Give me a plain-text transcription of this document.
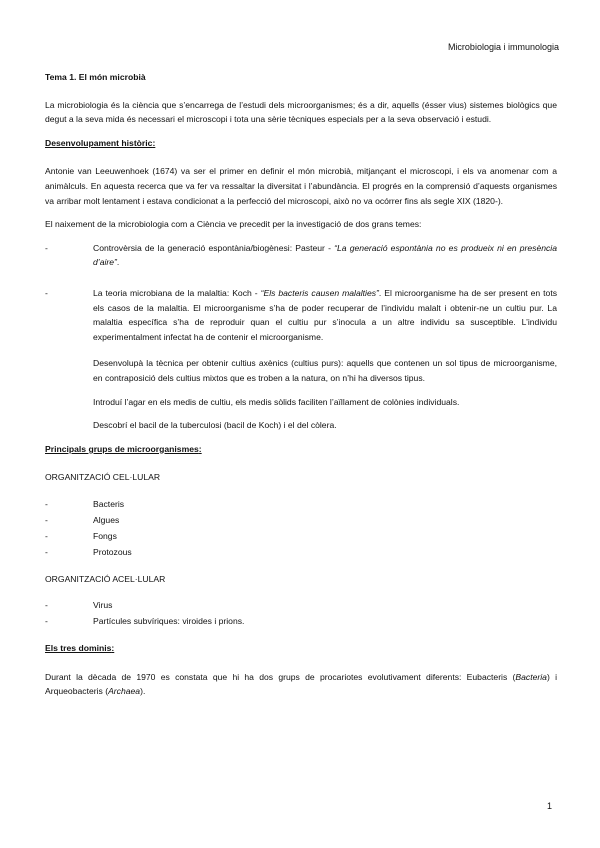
Microbiologia i immunologia
Tema 1. El món microbià

La microbiologia és la ciència que s’encarrega de l’estudi dels microorganismes; és a dir, aquells (ésser vius) sistemes biològics que degut a la seva mida és necessari el microscopi i tota una sèrie tècniques especials per a la seva observació i estudi.

Desenvolupament històric:

Antonie van Leeuwenhoek (1674) va ser el primer en definir el món microbià, mitjançant el microscopi, i els va anomenar com a animàlculs. En aquesta recerca que va fer va ressaltar la diversitat i l’abundància. El progrés en la comprensió d’aquests organismes va arribar molt lentament i estava condicionat a la perfecció del microscopi, això no va ocórrer fins als segle XIX (1820-).

El naixement de la microbiologia com a Ciència ve precedit per la investigació de dos grans temes:

- Controvèrsia de la generació espontània/biogènesi: Pasteur - “La generació espontània no es produeix ni en presència d’aire”.
- La teoria microbiana de la malaltia: Koch - “Els bacteris causen malalties”. El microorganisme ha de ser present en tots els casos de la malaltia. El microorganisme s’ha de poder recuperar de l’individu malalt i obtenir-ne un cultiu pur. La malaltia específica s’ha de reproduir quan el cultiu pur s’inocula a un altre individu sa susceptible. L’individu experimentalment infectat ha de contenir el microorganisme.

Desenvolupà la tècnica per obtenir cultius axènics (cultius purs): aquells que contenen un sol tipus de microorganisme, en contraposició dels cultius mixtos que es troben a la natura, on n’hi ha diversos tipus.

Introduí l’agar en els medis de cultiu, els medis sòlids faciliten l’aïllament de colònies individuals.

Descobrí el bacil de la tuberculosi (bacil de Koch) i el del còlera.

Principals grups de microorganismes:
ORGANITZACIÓ CEL·LULAR
- Bacteris
- Algues
- Fongs
- Protozous
ORGANITZACIÓ ACEL·LULAR
- Virus
- Partícules subvíriques: viroides i prions.
Els tres dominis:

Durant la dècada de 1970 es constata que hi ha dos grups de procariotes evolutivament diferents: Eubacteris (Bacteria) i Arqueobacteris (Archaea).

1
